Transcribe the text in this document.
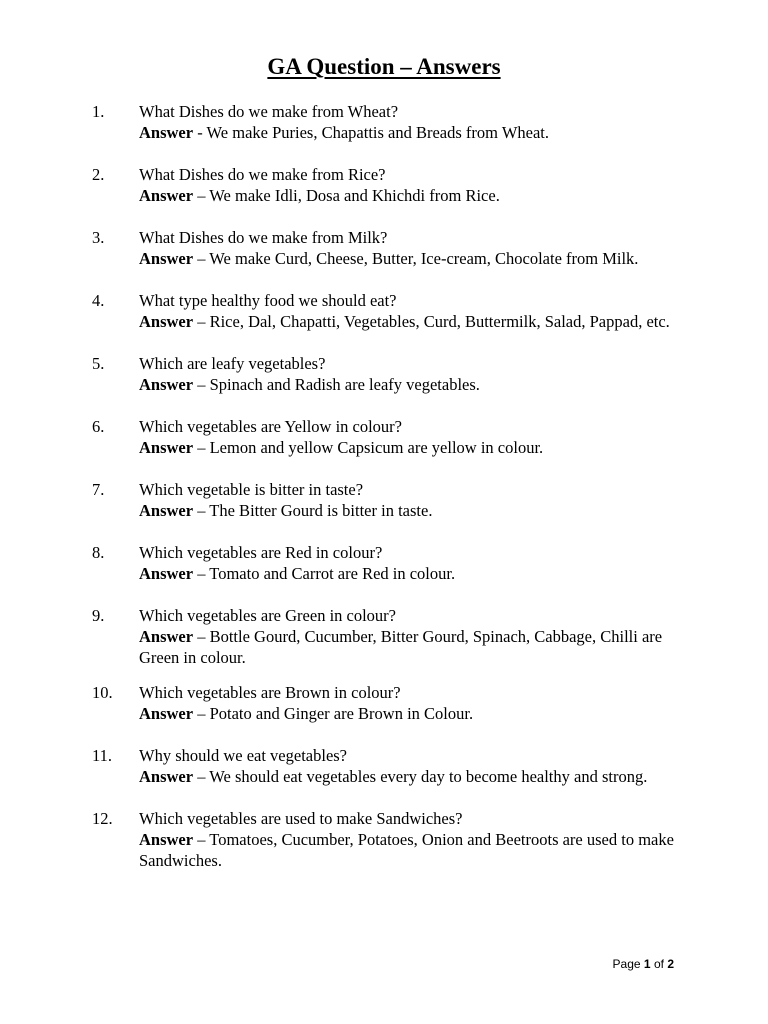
GA Question – Answers
1.	What Dishes do we make from Wheat?
Answer - We make Puries, Chapattis and Breads from Wheat.
2.	What Dishes do we make from Rice?
Answer – We make Idli, Dosa and Khichdi from Rice.
3.	What Dishes do we make from Milk?
Answer – We make Curd, Cheese, Butter, Ice-cream, Chocolate from Milk.
4.	What type healthy food we should eat?
Answer – Rice, Dal, Chapatti, Vegetables, Curd, Buttermilk, Salad, Pappad, etc.
5.	Which are leafy vegetables?
Answer – Spinach and Radish are leafy vegetables.
6.	Which vegetables are Yellow in colour?
Answer – Lemon and yellow Capsicum are yellow in colour.
7.	Which vegetable is bitter in taste?
Answer – The Bitter Gourd is bitter in taste.
8.	Which vegetables are Red in colour?
Answer – Tomato and Carrot are Red in colour.
9.	Which vegetables are Green in colour?
Answer – Bottle Gourd, Cucumber, Bitter Gourd, Spinach, Cabbage, Chilli are Green in colour.
10.	Which vegetables are Brown in colour?
Answer – Potato and Ginger are Brown in Colour.
11.	Why should we eat vegetables?
Answer – We should eat vegetables every day to become healthy and strong.
12.	Which vegetables are used to make Sandwiches?
Answer – Tomatoes, Cucumber, Potatoes, Onion and Beetroots are used to make Sandwiches.
Page 1 of 2
